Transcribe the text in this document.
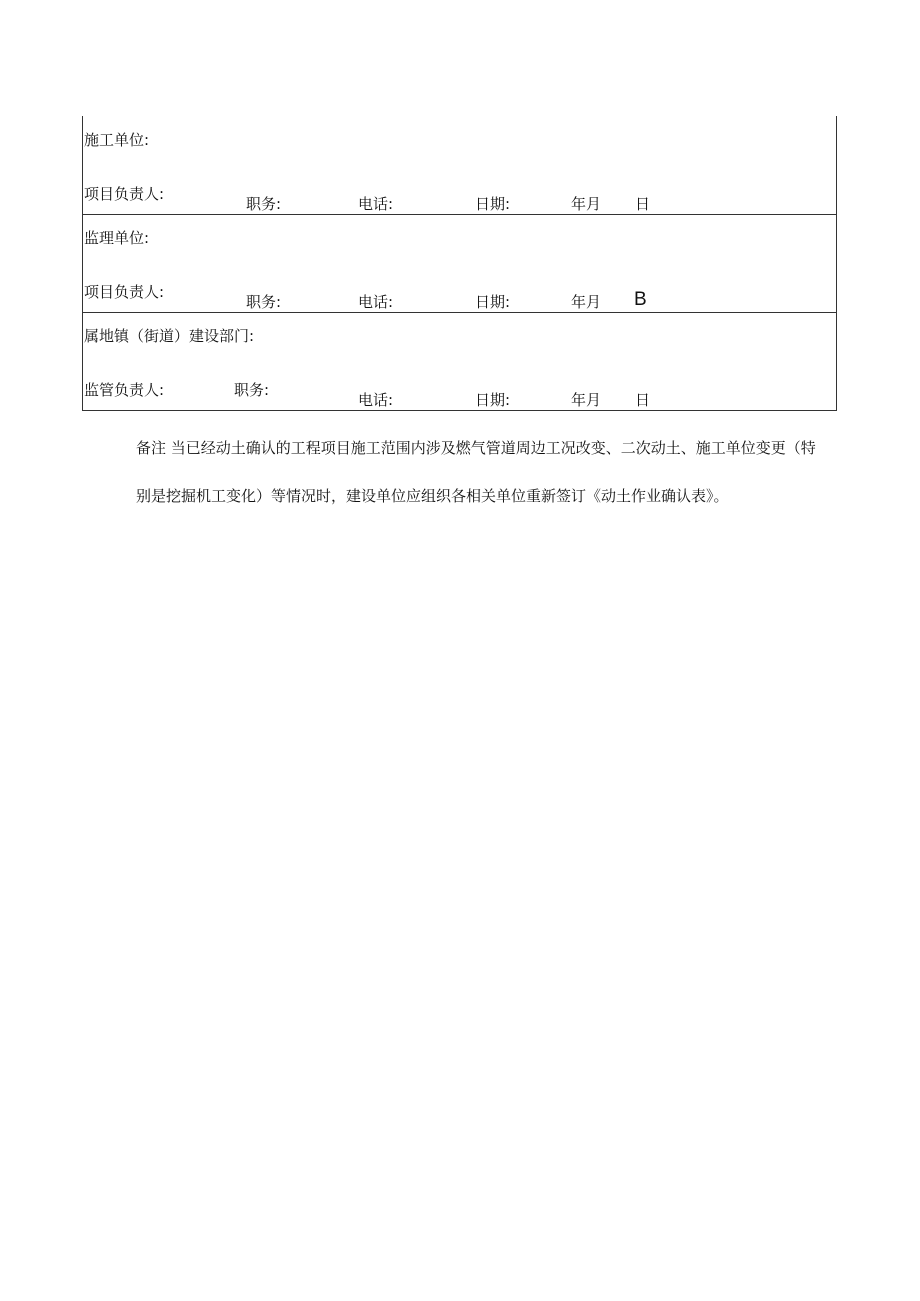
施工单位:
项目负责人:
职务:	电话:	日期:	年月 日
监理单位:
项目负责人:
职务:	电话:	日期:	年月 B
属地镇（街道）建设部门:
监管负责人:	职务:
电话:	日期:	年月 日
备注 当已经动土确认的工程项目施工范围内涉及燃气管道周边工况改变、二次动土、施工单位变更（特
别是挖掘机工变化）等情况时，建设单位应组织各相关单位重新签订《动土作业确认表》。
